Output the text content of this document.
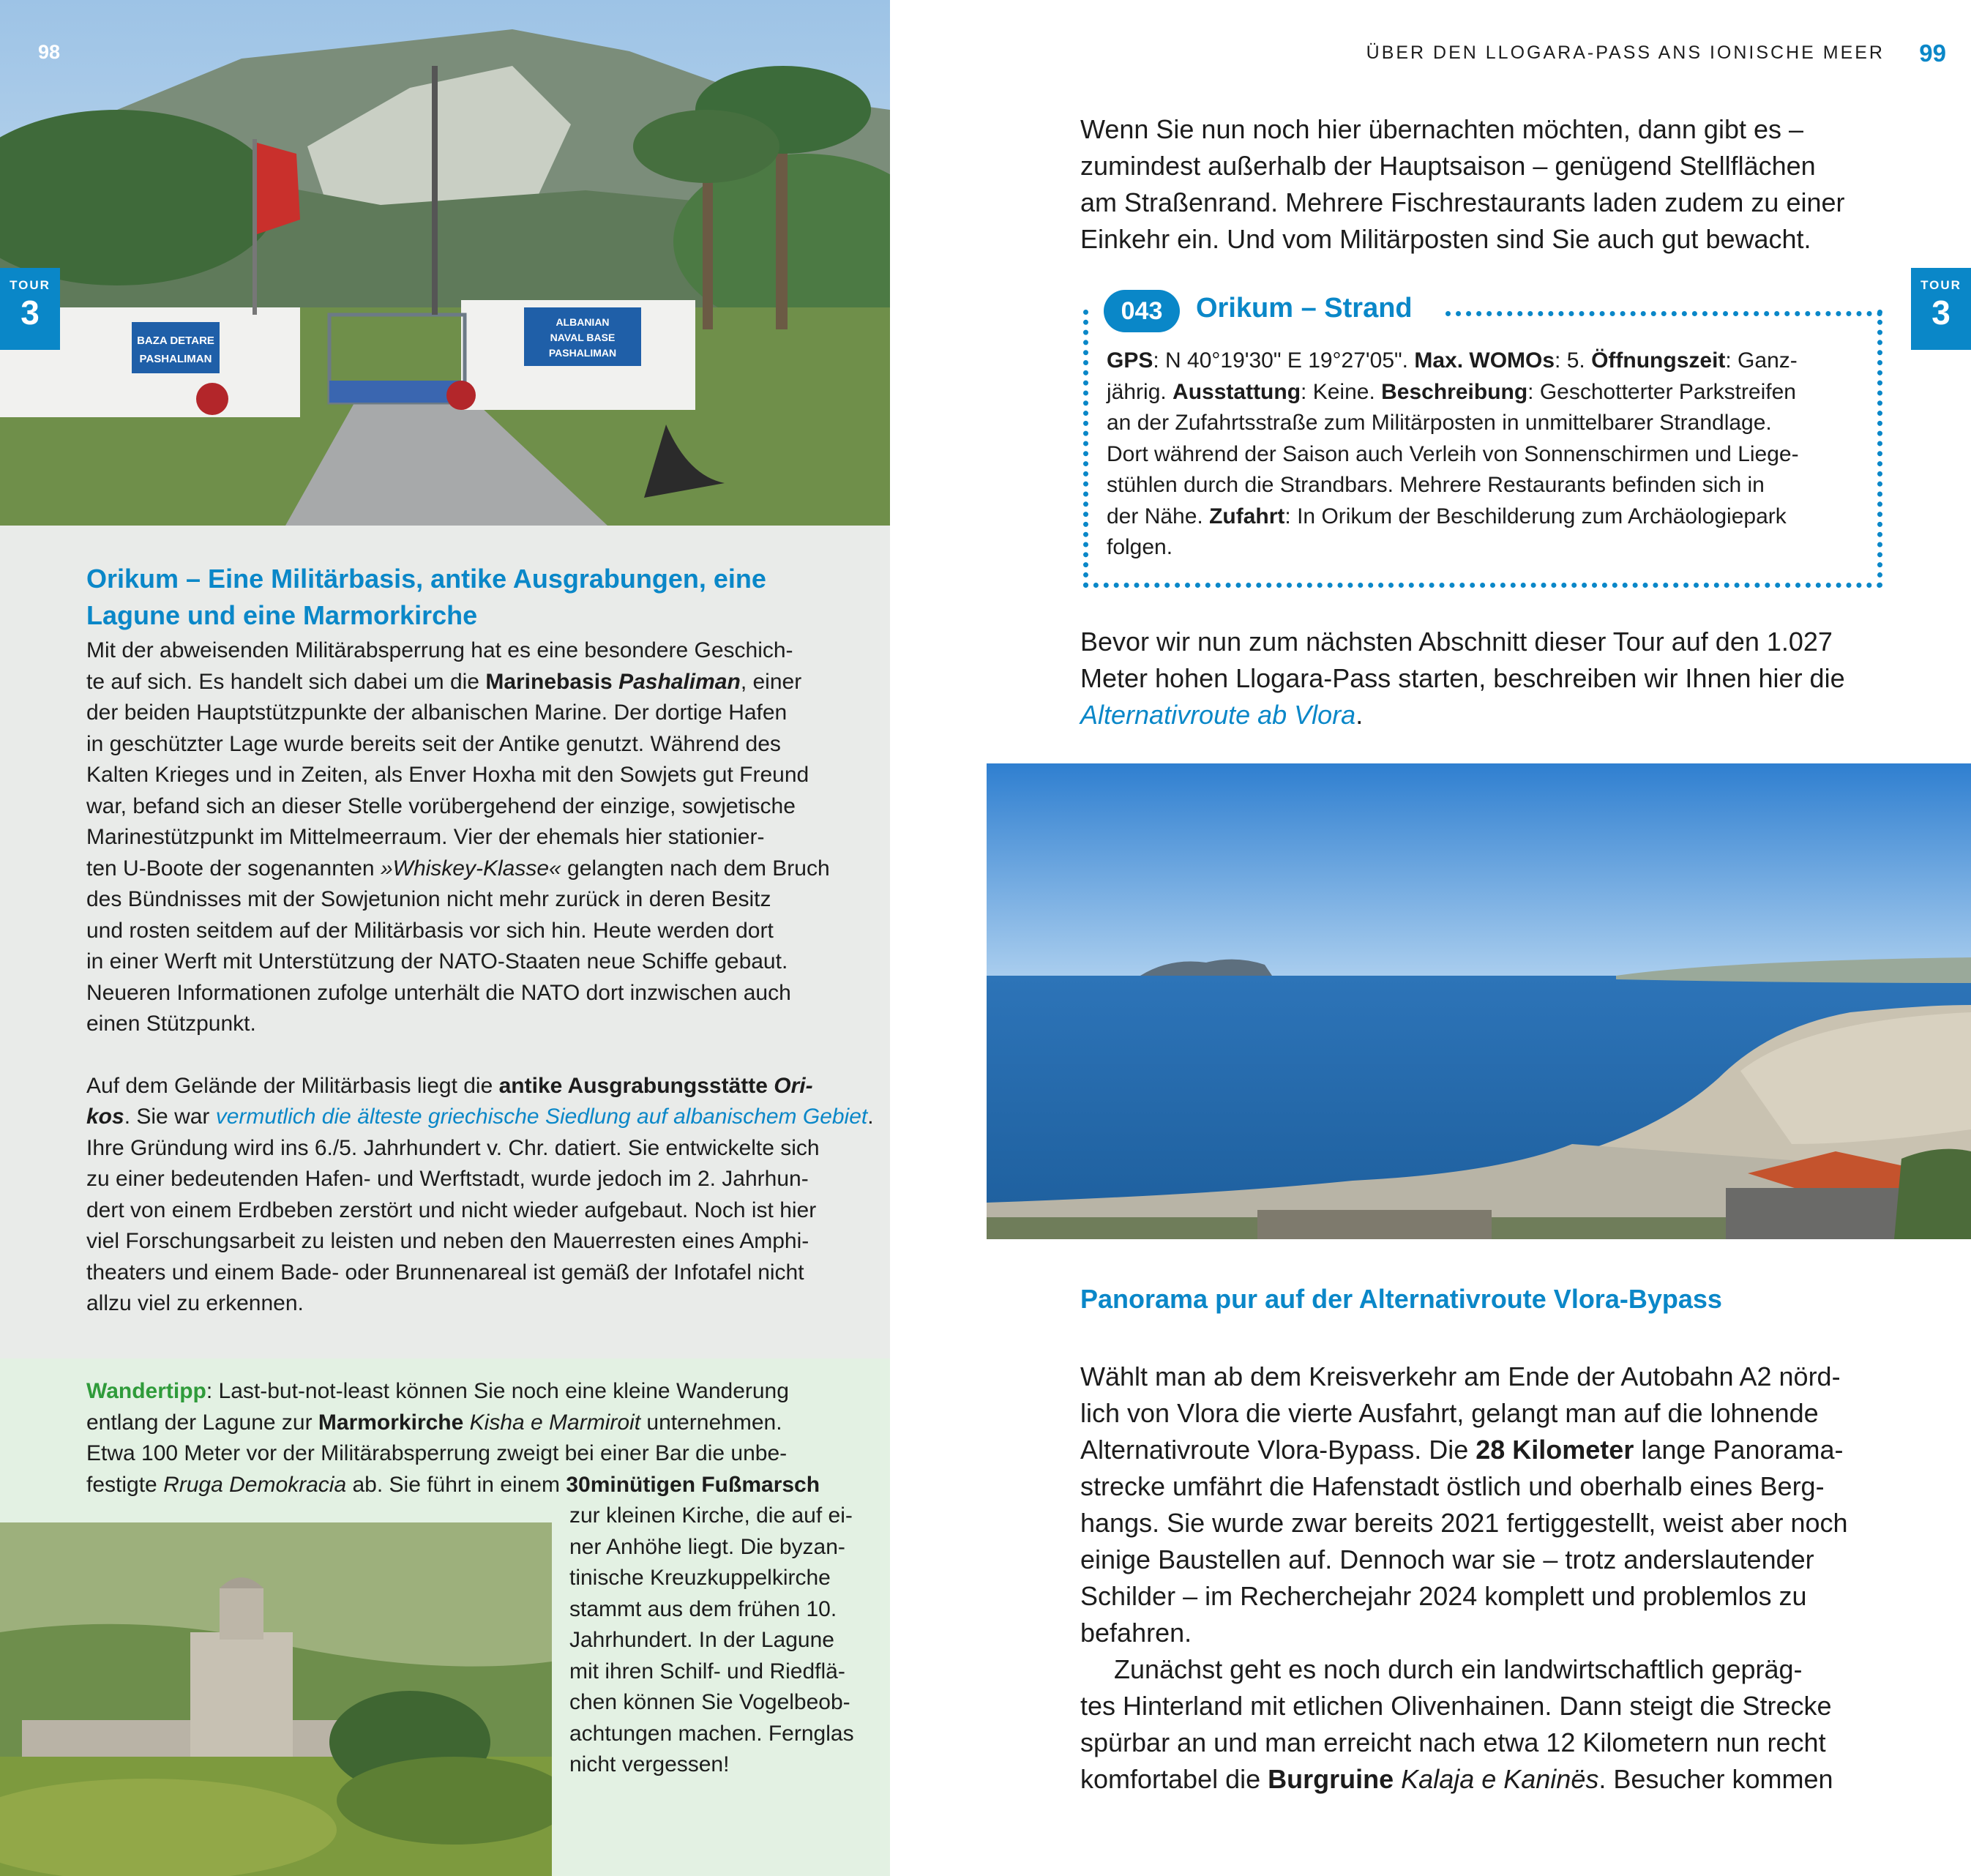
BAZA DETARE
PASHALIMAN
ALBANIAN
NAVAL BASE
PASHALIMAN
98
TOUR
3
Orikum – Eine Militärbasis, antike Ausgrabungen, eine
Lagune und eine Marmorkirche

Mit der abweisenden Militärabsperrung hat es eine besondere Geschich-
te auf sich. Es handelt sich dabei um die Marinebasis Pashaliman, einer
der beiden Hauptstützpunkte der albanischen Marine. Der dortige Hafen
in geschützter Lage wurde bereits seit der Antike genutzt. Während des
Kalten Krieges und in Zeiten, als Enver Hoxha mit den Sowjets gut Freund
war, befand sich an dieser Stelle vorübergehend der einzige, sowjetische
Marinestützpunkt im Mittelmeerraum. Vier der ehemals hier stationier-
ten U-Boote der sogenannten »Whiskey-Klasse« gelangten nach dem Bruch
des Bündnisses mit der Sowjetunion nicht mehr zurück in deren Besitz
und rosten seitdem auf der Militärbasis vor sich hin. Heute werden dort
in einer Werft mit Unterstützung der NATO-Staaten neue Schiffe gebaut.
Neueren Informationen zufolge unterhält die NATO dort inzwischen auch
einen Stützpunkt.

Auf dem Gelände der Militärbasis liegt die antike Ausgrabungsstätte Ori-
kos. Sie war vermutlich die älteste griechische Siedlung auf albanischem Gebiet.
Ihre Gründung wird ins 6./5. Jahrhundert v. Chr. datiert. Sie entwickelte sich
zu einer bedeutenden Hafen- und Werftstadt, wurde jedoch im 2. Jahrhun-
dert von einem Erdbeben zerstört und nicht wieder aufgebaut. Noch ist hier
viel Forschungsarbeit zu leisten und neben den Mauerresten eines Amphi-
theaters und einem Bade- oder Brunnenareal ist gemäß der Infotafel nicht
allzu viel zu erkennen.

Wandertipp: Last-but-not-least können Sie noch eine kleine Wanderung
entlang der Lagune zur Marmorkirche Kisha e Marmiroit unternehmen.
Etwa 100 Meter vor der Militärabsperrung zweigt bei einer Bar die unbe-
festigte Rruga Demokracia ab. Sie führt in einem 30minütigen Fußmarsch

zur kleinen Kirche, die auf ei-
ner Anhöhe liegt. Die byzan-
tinische Kreuzkuppelkirche
stammt aus dem frühen 10.
Jahrhundert. In der Lagune
mit ihren Schilf- und Riedflä-
chen können Sie Vogelbeob-
achtungen machen. Fernglas
nicht vergessen!

ÜBER DEN LLOGARA-PASS ANS IONISCHE MEER 99
TOUR
3

Wenn Sie nun noch hier übernachten möchten, dann gibt es –
zumindest außerhalb der Hauptsaison – genügend Stellflächen
am Straßenrand. Mehrere Fischrestaurants laden zudem zu einer
Einkehr ein. Und vom Militärposten sind Sie auch gut bewacht.

043	Orikum – Strand

GPS: N 40°19'30" E 19°27'05". Max. WOMOs: 5. Öffnungszeit: Ganz-
jährig. Ausstattung: Keine. Beschreibung: Geschotterter Parkstreifen
an der Zufahrtsstraße zum Militärposten in unmittelbarer Strandlage.
Dort während der Saison auch Verleih von Sonnenschirmen und Liege-
stühlen durch die Strandbars. Mehrere Restaurants befinden sich in
der Nähe. Zufahrt: In Orikum der Beschilderung zum Archäologiepark
folgen.

Bevor wir nun zum nächsten Abschnitt dieser Tour auf den 1.027
Meter hohen Llogara-Pass starten, beschreiben wir Ihnen hier die
Alternativroute ab Vlora.

Panorama pur auf der Alternativroute Vlora-Bypass

Wählt man ab dem Kreisverkehr am Ende der Autobahn A2 nörd-
lich von Vlora die vierte Ausfahrt, gelangt man auf die lohnende
Alternativroute Vlora-Bypass. Die 28 Kilometer lange Panorama-
strecke umfährt die Hafenstadt östlich und oberhalb eines Berg-
hangs. Sie wurde zwar bereits 2021 fertiggestellt, weist aber noch
einige Baustellen auf. Dennoch war sie – trotz anderslautender
Schilder – im Recherchejahr 2024 komplett und problemlos zu
befahren.
Zunächst geht es noch durch ein landwirtschaftlich gepräg-
tes Hinterland mit etlichen Olivenhainen. Dann steigt die Strecke
spürbar an und man erreicht nach etwa 12 Kilometern nun recht
komfortabel die Burgruine Kalaja e Kaninës. Besucher kommen
